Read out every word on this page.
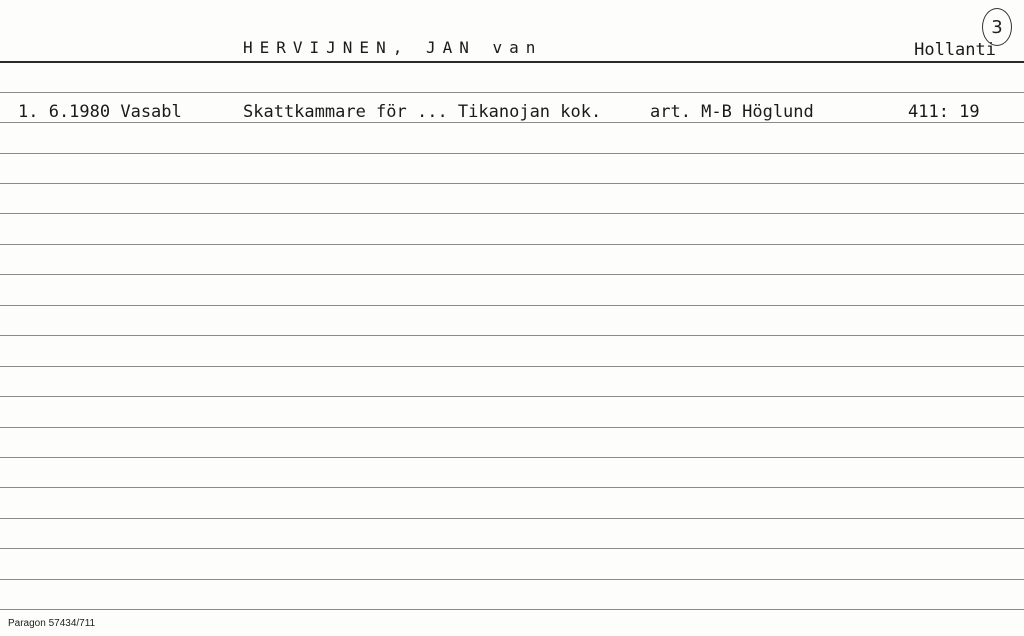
HERVIJNEN, JAN van	Hollanti
3
1. 6.1980 Vasabl	Skattkammare för ... Tikanojan kok.	art. M-B Höglund	411: 19
Paragon 57434/711
